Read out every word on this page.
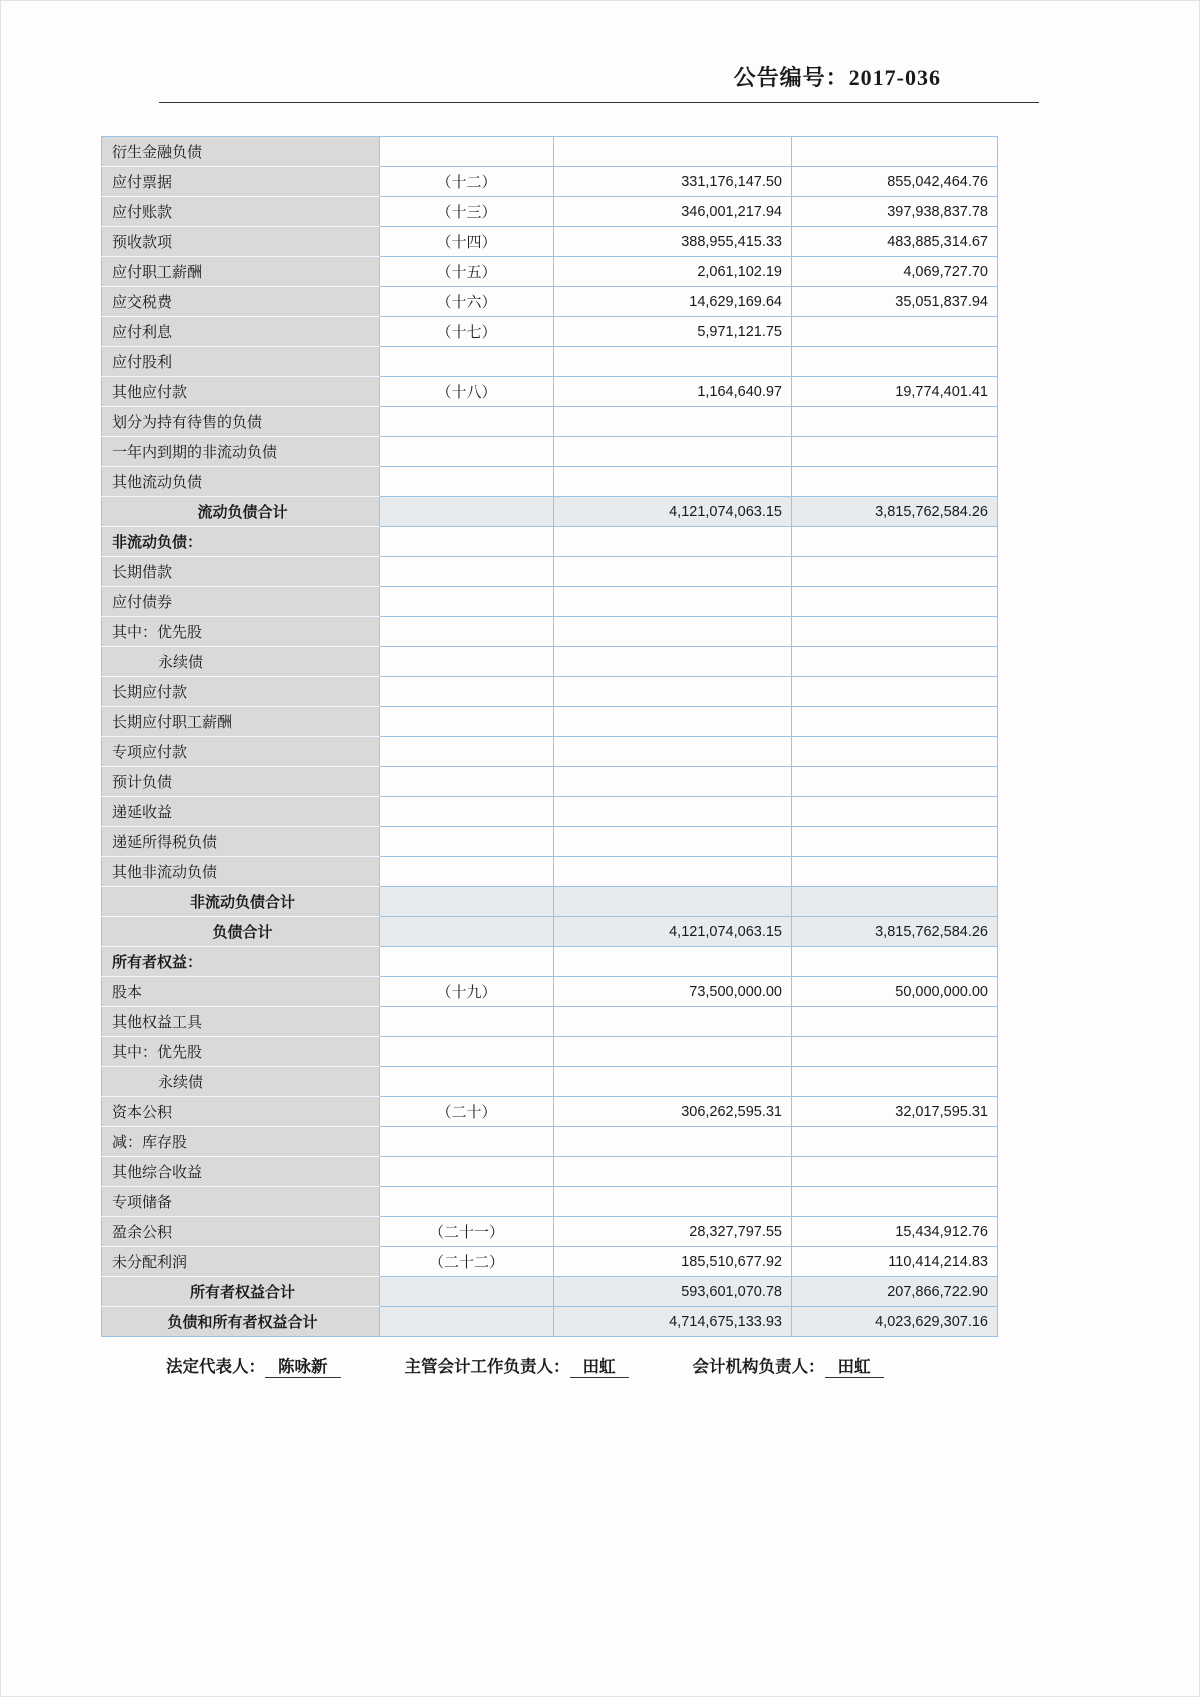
公告编号：2017-036
衍生金融负债			
应付票据	（十二）	331,176,147.50	855,042,464.76
应付账款	（十三）	346,001,217.94	397,938,837.78
预收款项	（十四）	388,955,415.33	483,885,314.67
应付职工薪酬	（十五）	2,061,102.19	4,069,727.70
应交税费	（十六）	14,629,169.64	35,051,837.94
应付利息	（十七）	5,971,121.75	
应付股利			
其他应付款	（十八）	1,164,640.97	19,774,401.41
划分为持有待售的负债			
一年内到期的非流动负债			
其他流动负债			
流动负债合计		4,121,074,063.15	3,815,762,584.26
非流动负债：			
长期借款			
应付债券			
其中：优先股			
永续债			
长期应付款			
长期应付职工薪酬			
专项应付款			
预计负债			
递延收益			
递延所得税负债			
其他非流动负债			
非流动负债合计			
负债合计		4,121,074,063.15	3,815,762,584.26
所有者权益：			
股本	（十九）	73,500,000.00	50,000,000.00
其他权益工具			
其中：优先股			
永续债			
资本公积	（二十）	306,262,595.31	32,017,595.31
减：库存股			
其他综合收益			
专项储备			
盈余公积	（二十一）	28,327,797.55	15,434,912.76
未分配利润	（二十二）	185,510,677.92	110,414,214.83
所有者权益合计		593,601,070.78	207,866,722.90
负债和所有者权益合计		4,714,675,133.93	4,023,629,307.16
法定代表人： 陈咏新	主管会计工作负责人： 田虹	会计机构负责人： 田虹
